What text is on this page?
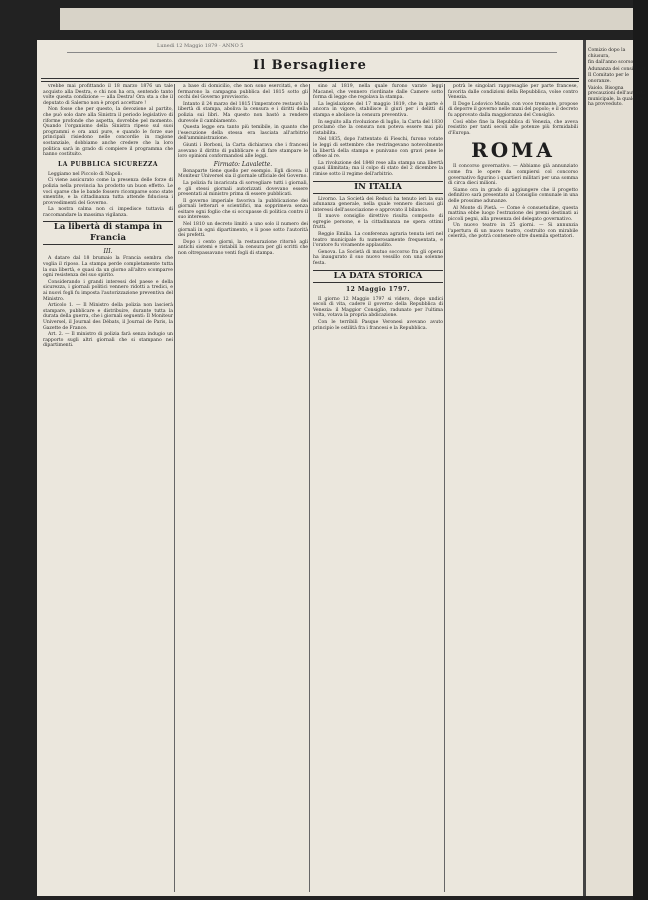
Lunedì 12 Maggio 1879 · ANNO 5
Il Bersagliere

vrebbe mai profittando il 18 marzo 1876 un tale acquisto alla Destra, e chi non ha ora, sentendo tanto volte questa condizione — alla Destra! Ora sta a che il deputato di Salerno non è propri accettare !

Non fosse che per questo, la devozione al partito, che può solo dare alla Sinistra il periodo legislativo di riforme profonde che aspetta, dovrebbe pel momento. Quando l'organismo della Sinistra ripeso sul suoi programmi e ora anzi pure, e quando le forze sue principali risiedono nelle concordie in ragione sostanziale, dobbiamo anche credere che la loro politica sarà in grado di compiere il programma che hanno costituito.

LA PUBBLICA SICUREZZA

Leggiamo nel Piccolo di Napoli:

Ci viene assicurato come la presenza delle forze di polizia nella provincia ha prodotto un buon effetto. Le voci sparse che le bande fossero ricomparse sono state smentite, e la cittadinanza tutta attende fiduciosa i provvedimenti del Governo.

La nostra calma non ci impedisce tuttavia di raccomandare la massima vigilanza.

La libertà di stampa in Francia
III.

A datare dal 18 brumaio la Francia sembra che voglia il riposo. La stampa perde completamente tutta la sua libertà, e quasi da un giorno all'altro scomparve ogni resistenza del suo spirito.

Considerando i grandi interessi del paese e della sicurezza, i giornali politici vennero ridotti a tredici, e ai nuovi fogli fu imposta l'autorizzazione preventiva del Ministro.

Articolo 1. — Il Ministro della polizia non lascierà stampare, pubblicare e distribuire, durante tutta la durata della guerra, che i giornali seguenti: Il Moniteur Universel, il Journal des Débats, il Journal de Paris, la Gazette de France.

Art. 2. — Il ministro di polizia farà senza indugio un rapporto sugli altri giornali che si stampano nei dipartimenti.

a base di domicilio, che non sono esercitati, e che fermarono la campagna pubblica del 1815 sotto gli occhi del Governo provvisorio.

Intanto il 24 marzo del 1815 l'imperatore restaurò la libertà di stampa, aboliva la censura e i diritti della polizia sui libri. Ma questo non bastò a rendere durevole il cambiamento.

Questa legge era tanto più temibile, in quanto che l'esecuzione della stessa era lasciata all'arbitrio dell'amministrazione.

Giunti i Borboni, la Carta dichiarava che i francesi avevano il diritto di pubblicare e di fare stampare le loro opinioni conformandosi alle leggi.

Firmato: Lavalette.

Bonaparte tiene quello per esempio. Egli diceva: il Moniteur Universel sia il giornale ufficiale del Governo.

La polizia fu incaricata di sorvegliare tutti i giornali, e gli stessi giornali autorizzati dovevano essere presentati al ministro prima di essere pubblicati.

Il governo imperiale favoriva la pubblicazione dei giornali letterari e scientifici, ma sopprimeva senza esitare ogni foglio che si occupasse di politica contro il suo interesse.

Nel 1810 un decreto limitò a uno solo il numero dei giornali in ogni dipartimento, e li pose sotto l'autorità dei prefetti.

Dopo i cento giorni, la restaurazione ritornò agli antichi sistemi e ristabilì la censura per gli scritti che non oltrepassavano venti fogli di stampa.

sino al 1819, nella quale furono varate leggi Macanel, che vennero riordinate dalle Camere sotto forma di legge che regolava la stampa.

La legislazione del 17 maggio 1819, che in parte è ancora in vigore, stabilisce il giurì per i delitti di stampa e abolisce la censura preventiva.

In seguito alla rivoluzione di luglio, la Carta del 1830 proclamò che la censura non poteva essere mai più ristabilita.

Nel 1835, dopo l'attentato di Fieschi, furono votate le leggi di settembre che restringevano notevolmente la libertà della stampa e punivano con gravi pene le offese al re.

La rivoluzione del 1848 rese alla stampa una libertà quasi illimitata; ma il colpo di stato del 2 dicembre la rimise sotto il regime dell'arbitrio.

IN ITALIA

Livorno. La Società dei Reduci ha tenuto ieri la sua adunanza generale, nella quale vennero discussi gli interessi dell'associazione e approvato il bilancio.

Il nuovo consiglio direttivo risulta composto di egregie persone, e la cittadinanza ne spera ottimi frutti.

Reggio Emilia. La conferenza agraria tenuta ieri nel teatro municipale fu numerosamente frequentata, e l'oratore fu vivamente applaudito.

Genova. La Società di mutuo soccorso fra gli operai ha inaugurato il suo nuovo vessillo con una solenne festa.

LA DATA STORICA
12 Maggio 1797.

Il giorno 12 Maggio 1797 si videro, dopo undici secoli di vita, cadere il governo della Repubblica di Venezia: il Maggior Consiglio, radunato per l'ultima volta, votava la propria abdicazione.

Con le terribili Pasque Veronesi avevano avuto principio le ostilità fra i francesi e la Repubblica.

potrà le singolari rappresaglie per parte francese, favorita dalle condizioni della Repubblica, volse contro Venezia.

Il Doge Lodovico Manin, con voce tremante, propose di deporre il governo nelle mani del popolo; e il decreto fu approvato dalla maggioranza del Consiglio.

Così ebbe fine la Repubblica di Venezia, che aveva resistito per tanti secoli alle potenze più formidabili d'Europa.

ROMA

Il concorso governativo. — Abbiamo già annunziato come fra le opere da compiersi col concorso governativo figurino i quartieri militari per una somma di circa dieci milioni.

Siamo ora in grado di aggiungere che il progetto definitivo sarà presentato al Consiglio comunale in una delle prossime adunanze.

Al Monte di Pietà. — Come è consuetudine, questa mattina ebbe luogo l'estrazione dei premi destinati ai piccoli pegni, alla presenza del delegato governativo.

Un nuovo teatro in 25 giorni. — Si annunzia l'apertura di un nuovo teatro, costruito con mirabile celerità, che potrà contenere oltre duemila spettatori.

Comizio dopo la chiusura,

fin dall'anno scorso.

Adunanza dei consiglieri.

Il Comitato per le onoranze.

Vaiolo. Bisogna precauzioni dell'autorità municipale, la quale però ha provveduto.
